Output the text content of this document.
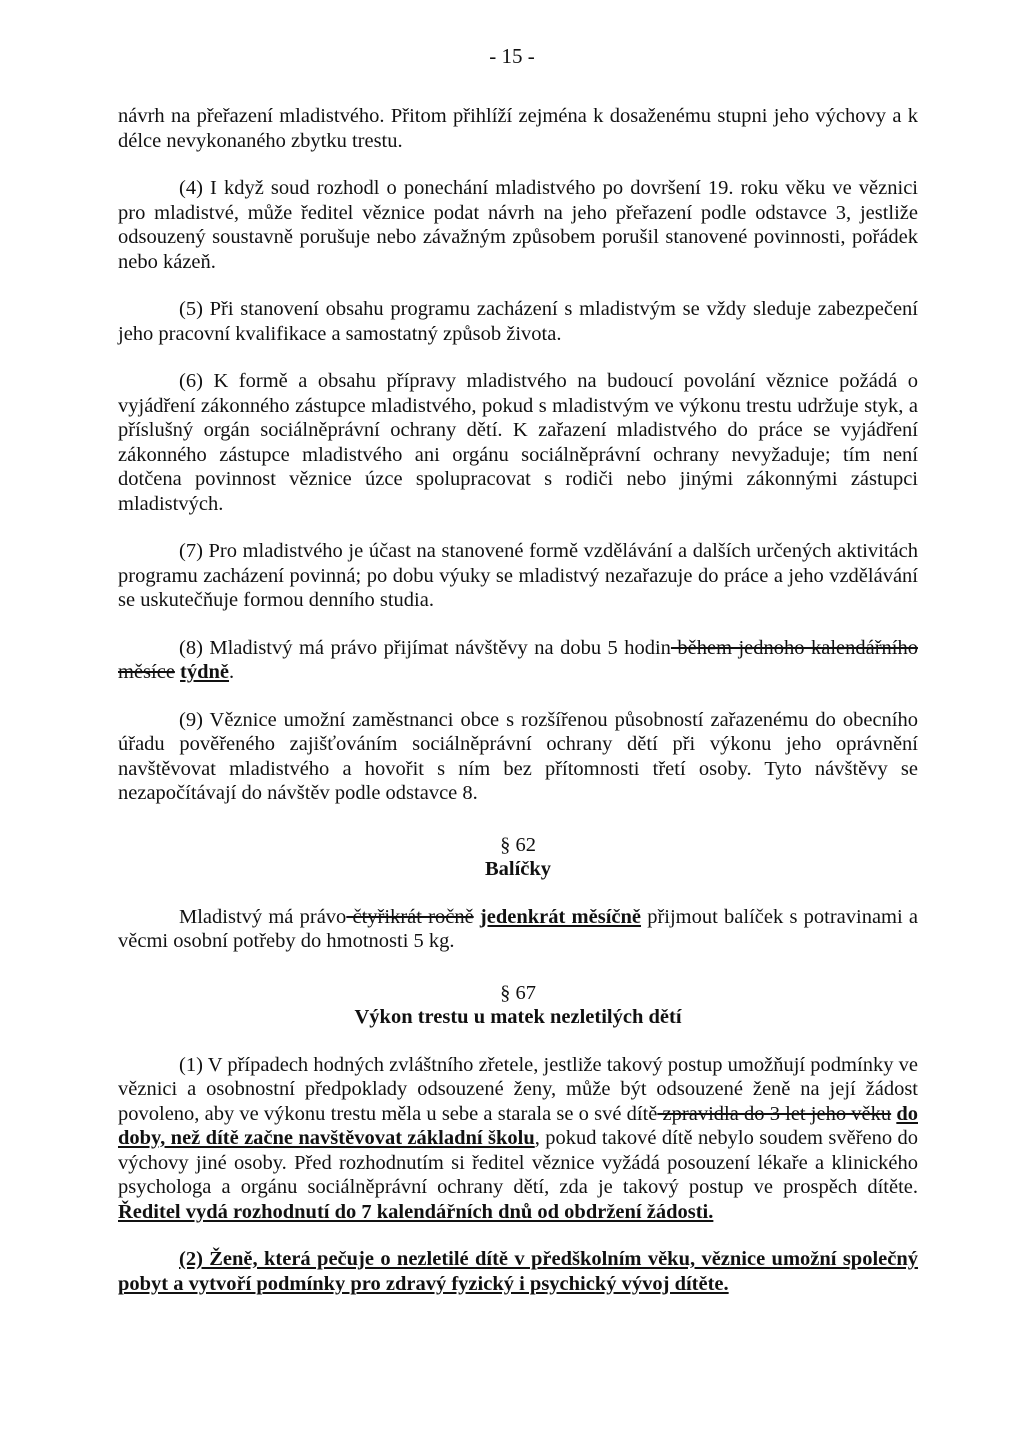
- 15 -

návrh na přeřazení mladistvého. Přitom přihlíží zejména k dosaženému stupni jeho výchovy a k délce nevykonaného zbytku trestu.

(4) I když soud rozhodl o ponechání mladistvého po dovršení 19. roku věku ve věznici pro mladistvé, může ředitel věznice podat návrh na jeho přeřazení podle odstavce 3, jestliže odsouzený soustavně porušuje nebo závažným způsobem porušil stanovené povinnosti, pořádek nebo kázeň.

(5) Při stanovení obsahu programu zacházení s mladistvým se vždy sleduje zabezpečení jeho pracovní kvalifikace a samostatný způsob života.

(6) K formě a obsahu přípravy mladistvého na budoucí povolání věznice požádá o vyjádření zákonného zástupce mladistvého, pokud s mladistvým ve výkonu trestu udržuje styk, a příslušný orgán sociálněprávní ochrany dětí. K zařazení mladistvého do práce se vyjádření zákonného zástupce mladistvého ani orgánu sociálněprávní ochrany nevyžaduje; tím není dotčena povinnost věznice úzce spolupracovat s rodiči nebo jinými zákonnými zástupci mladistvých.

(7) Pro mladistvého je účast na stanovené formě vzdělávání a dalších určených aktivitách programu zacházení povinná; po dobu výuky se mladistvý nezařazuje do práce a jeho vzdělávání se uskutečňuje formou denního studia.

(8) Mladistvý má právo přijímat návštěvy na dobu 5 hodin během jednoho kalendářního měsíce týdně.

(9) Věznice umožní zaměstnanci obce s rozšířenou působností zařazenému do obecního úřadu pověřeného zajišťováním sociálněprávní ochrany dětí při výkonu jeho oprávnění navštěvovat mladistvého a hovořit s ním bez přítomnosti třetí osoby. Tyto návštěvy se nezapočítávají do návštěv podle odstavce 8.

§ 62

Balíčky

Mladistvý má právo čtyřikrát ročně jedenkrát měsíčně přijmout balíček s potravinami a věcmi osobní potřeby do hmotnosti 5 kg.

§ 67

Výkon trestu u matek nezletilých dětí

(1) V případech hodných zvláštního zřetele, jestliže takový postup umožňují podmínky ve věznici a osobnostní předpoklady odsouzené ženy, může být odsouzené ženě na její žádost povoleno, aby ve výkonu trestu měla u sebe a starala se o své dítě zpravidla do 3 let jeho věku do doby, než dítě začne navštěvovat základní školu, pokud takové dítě nebylo soudem svěřeno do výchovy jiné osoby. Před rozhodnutím si ředitel věznice vyžádá posouzení lékaře a klinického psychologa a orgánu sociálněprávní ochrany dětí, zda je takový postup ve prospěch dítěte. Ředitel vydá rozhodnutí do 7 kalendářních dnů od obdržení žádosti.

(2) Ženě, která pečuje o nezletilé dítě v předškolním věku, věznice umožní společný pobyt a vytvoří podmínky pro zdravý fyzický i psychický vývoj dítěte.
